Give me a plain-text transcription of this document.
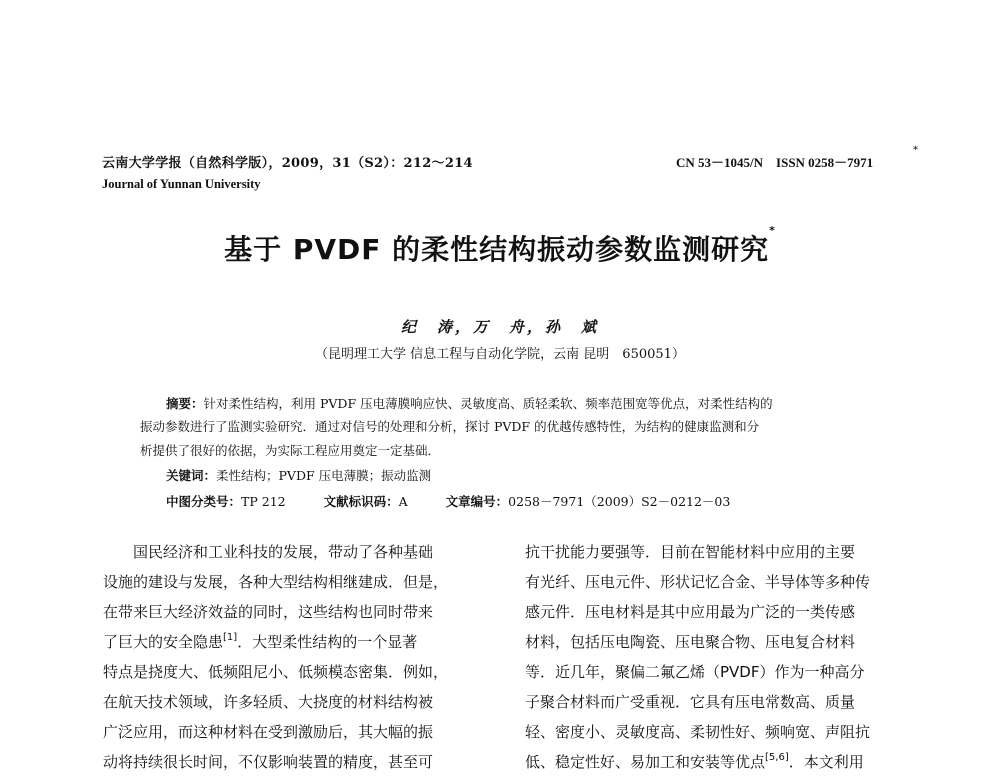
云南大学学报（自然科学版），2009，31（S2）：212～214
Journal of Yunnan University
CN 53－1045/N　ISSN 0258－7971
*
基于 PVDF 的柔性结构振动参数监测研究*
纪　涛，万　舟，孙　斌
（昆明理工大学 信息工程与自动化学院，云南 昆明　650051）
摘要：针对柔性结构，利用 PVDF 压电薄膜响应快、灵敏度高、质轻柔软、频率范围宽等优点，对柔性结构的
振动参数进行了监测实验研究．通过对信号的处理和分析，探讨 PVDF 的优越传感特性，为结构的健康监测和分
析提供了很好的依据，为实际工程应用奠定一定基础．
关键词：柔性结构；PVDF 压电薄膜；振动监测
中图分类号：TP 212	文献标识码：A	文章编号：0258－7971（2009）S2－0212－03
　　国民经济和工业科技的发展，带动了各种基础
设施的建设与发展，各种大型结构相继建成．但是，
在带来巨大经济效益的同时，这些结构也同时带来
了巨大的安全隐患[1]．大型柔性结构的一个显著
特点是挠度大、低频阻尼小、低频模态密集．例如，
在航天技术领域，许多轻质、大挠度的材料结构被
广泛应用，而这种材料在受到激励后，其大幅的振
动将持续很长时间，不仅影响装置的精度，甚至可
抗干扰能力要强等．目前在智能材料中应用的主要
有光纤、压电元件、形状记忆合金、半导体等多种传
感元件．压电材料是其中应用最为广泛的一类传感
材料，包括压电陶瓷、压电聚合物、压电复合材料
等．近几年，聚偏二氟乙烯（PVDF）作为一种高分
子聚合材料而广受重视．它具有压电常数高、质量
轻、密度小、灵敏度高、柔韧性好、频响宽、声阻抗
低、稳定性好、易加工和安装等优点[5,6]．本文利用
